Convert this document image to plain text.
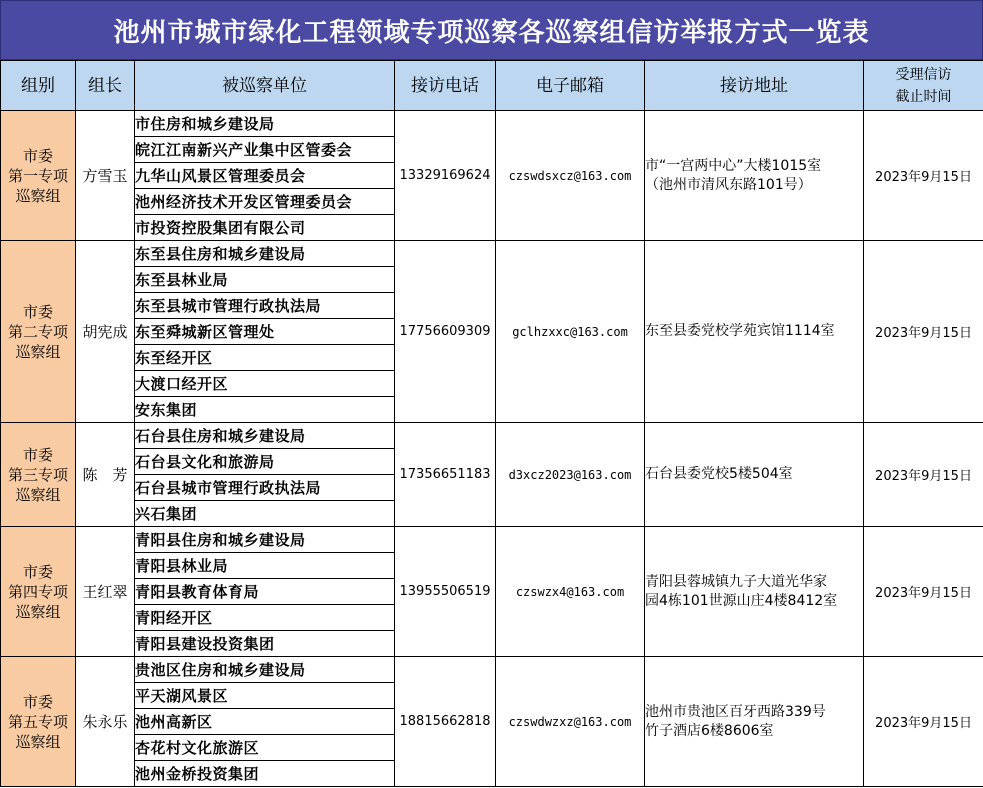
池州市城市绿化工程领域专项巡察各巡察组信访举报方式一览表
组别	组长	被巡察单位	接访电话	电子邮箱	接访地址	受理信访
截止时间
市委
第一专项
巡察组	方雪玉	市住房和城乡建设局	13329169624	czswdsxcz@163.com	市“一宫两中心”大楼1015室
（池州市清风东路101号）	2023年9月15日
		皖江江南新兴产业集中区管委会				
		九华山风景区管理委员会				
		池州经济技术开发区管理委员会				
		市投资控股集团有限公司				
市委
第二专项
巡察组	胡宪成	东至县住房和城乡建设局	17756609309	gclhzxxc@163.com	东至县委党校学苑宾馆1114室	2023年9月15日
		东至县林业局				
		东至县城市管理行政执法局				
		东至舜城新区管理处				
		东至经开区				
		大渡口经开区				
		安东集团				
市委
第三专项
巡察组	陈　芳	石台县住房和城乡建设局	17356651183	d3xcz2023@163.com	石台县委党校5楼504室	2023年9月15日
		石台县文化和旅游局				
		石台县城市管理行政执法局				
		兴石集团				
市委
第四专项
巡察组	王红翠	青阳县住房和城乡建设局	13955506519	czswzx4@163.com	青阳县蓉城镇九子大道光华家
园4栋101世源山庄4楼8412室	2023年9月15日
		青阳县林业局				
		青阳县教育体育局				
		青阳经开区				
		青阳县建设投资集团				
市委
第五专项
巡察组	朱永乐	贵池区住房和城乡建设局	18815662818	czswdwzxz@163.com	池州市贵池区百牙西路339号
竹子酒店6楼8606室	2023年9月15日
		平天湖风景区				
		池州高新区				
		杏花村文化旅游区				
		池州金桥投资集团				
